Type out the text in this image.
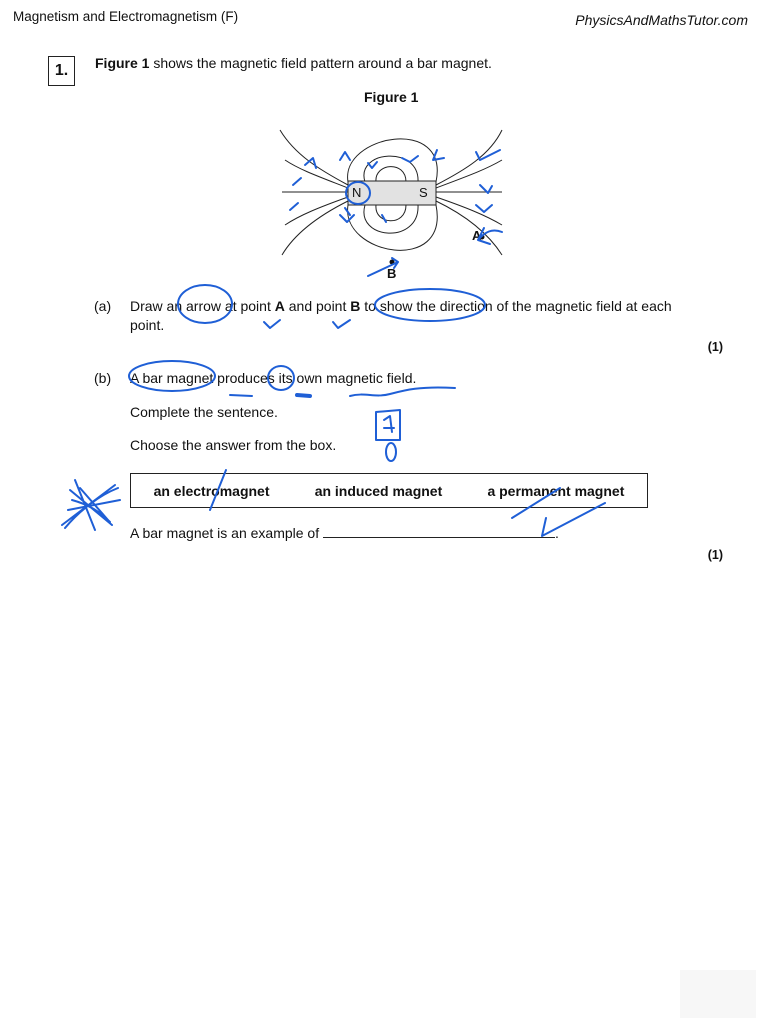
Magnetism and Electromagnetism (F)	PhysicsAndMathsTutor.com
1.	Figure 1 shows the magnetic field pattern around a bar magnet.
Figure 1
N	S
A
B
(a) Draw an arrow at point A and point B to show the direction of the magnetic field at each
point.
(1)
(b) A bar magnet produces its own magnetic field.
Complete the sentence.
Choose the answer from the box.
an electromagnet	an induced magnet	a permanent magnet
A bar magnet is an example of	.
(1)
